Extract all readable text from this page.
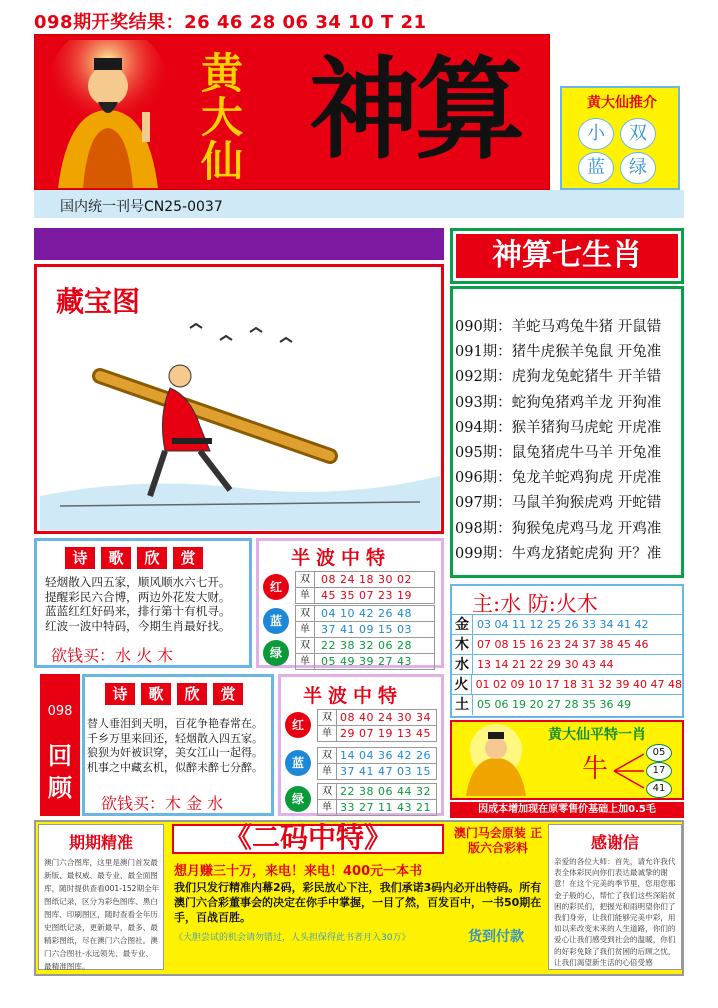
098期开奖结果：26 46 28 06 34 10 T 21
黄大仙 神算	黄大仙推介
小	双
蓝	绿
国内统一刊号CN25-0037
藏宝图
神算七生肖
090期：羊蛇马鸡兔牛猪 开鼠错
091期：猪牛虎猴羊兔鼠 开兔准
092期：虎狗龙兔蛇猪牛 开羊错
093期：蛇狗兔猪鸡羊龙 开狗准
094期：猴羊猪狗马虎蛇 开虎准
095期：鼠兔猪虎牛马羊 开兔准
096期：兔龙羊蛇鸡狗虎 开虎准
097期：马鼠羊狗猴虎鸡 开蛇错
098期：狗猴兔虎鸡马龙 开鸡准
099期：牛鸡龙猪蛇虎狗 开？准
诗	歌	欣	赏
轻烟散入四五家，顺风顺水六七开。
提醒彩民六合博，两边外花发大财。
蓝蓝红红好码来，排行第十有机寻。
红波一波中特码，今期生肖最好找。
欲钱买：水 火 木
半波中特
红
双	08 24 18 30 02
单	45 35 07 23 19
蓝
双	04 10 42 26 48
单	37 41 09 15 03
绿
双	22 38 32 06 28
单	05 49 39 27 43
主:水 防:火木
金 03 04 11 12 25 26 33 34 41 42
木 07 08 15 16 23 24 37 38 45 46
水 13 14 21 22 29 30 43 44
火 01 02 09 10 17 18 31 32 39 40 47 48
土 05 06 19 20 27 28 35 36 49
098
回顾
诗	歌	欣	赏
替人垂泪到天明，百花争艳春常在。
千乡万里来回还，轻烟散入四五家。
狼狈为奸被识穿，美女江山一起得。
机事之中藏玄机，似醉未醉七分醉。
欲钱买：木 金 水
半波中特
红
双 08 40 24 30 34
单 29 07 19 13 45
蓝
双 14 04 36 42 26
单 37 41 47 03 15
绿
双 22 38 06 44 32
单 33 27 11 43 21
黄大仙平特一肖
牛
05
17
41
因成本增加现在原零售价基础上加0.5毛
期期精准
澳门六合图库，这里是澳门首发最新版、最权威、最专业、最全面图库，随时提供查看001-152期全年图纸记录，区分为彩色图库、黑白图库、印刷图区，随时查看全年历史图纸记录，更新最早，最多、最精彩图纸，尽在澳门六合图社。澳门六合图社-永远领先、最专业、最精准图库。
《二码中特》	澳门马会原装 正版六合彩料
想月赚三十万，来电！来电！400元一本书
我们只发行精准内幕2码，彩民放心下注，我们承诺3码内必开出特码。所有澳门六合彩董事会的决定在你手中掌握，一目了然，百发百中，一书50期在手，百战百胜。
《大胆尝试的机会请勿错过，人头担保得此书者月入30万》	货到付款
感谢信
亲爱的各位大师：首先，请允许我代表全体彩民向你们表达最诚挚的谢意！在这个完美的季节里，您用您那金子般的心，帮忙了我们这些深陷贫困的彩民们，把握光和雨明望你们了我们身旁，让我们能够完美中彩，用如以来改变未来的人生道路，你们的爱心让我们感受到社会的温暖，你们的好彩免除了我们贫困的后顾之忧，让我们渴望新生活的心倍受感
